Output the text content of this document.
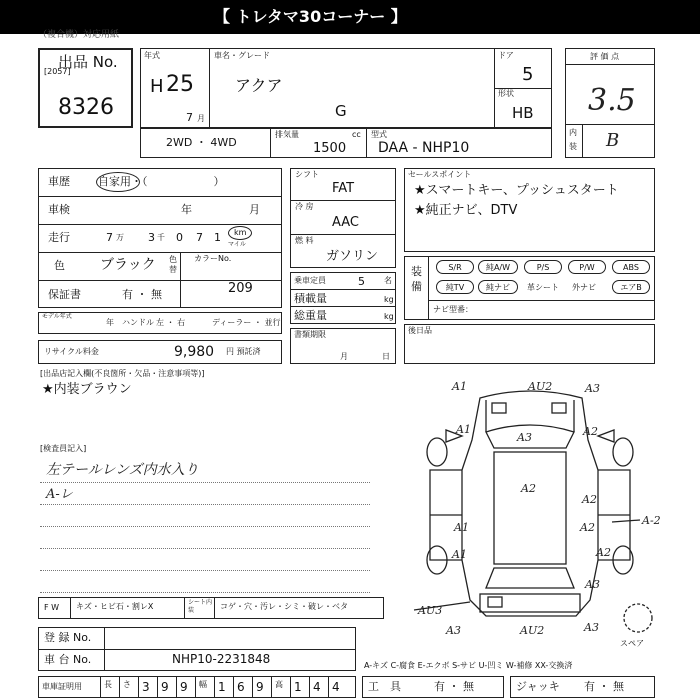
【 トレタマ30コーナー 】
（複合機）対応用紙
出品 No.
[2057]
8326
年式
H 25
7 月
車名・グレード
アクア
G
ドア
5
形状
HB
評 価 点
3.5
内
装 B
2WD ・ 4WD
排気量	cc
1500
型式
DAA - NHP10
車歴	自家用・（　　　　　　）
車検	年	月
走行	7 万 3 千 0 7 1 km
マイル
色	ブラック 色替
カラーNo.
209
保証書	有 ・ 無
モデル年式
年 ハンドル 左 ・ 右	ディーラー ・ 並行
リサイクル料金	9,980 円 預託済
シフト
FAT
冷 房
AAC
燃 料
ガソリン
乗車定員	5 名
積載量	kg
総重量	kg
書類期限
月	日
セールスポイント
★スマートキー、プッシュスタート
★純正ナビ、DTV
装備
S/R	純A/W	P/S	P/W	ABS
純TV	純ナビ	革シート 外ナビ	エアB
ナビ型番：
後日品
[出品店記入欄(不良箇所・欠品・注意事項等)]
★内装ブラウン
[検査員記入]
左テールレンズ内水入り
A-レ
F W キズ・ヒビ石・割レX	シート内 装	コゲ・穴・汚レ・シミ・破レ・ベタ
登 録 No.
車 台 No.	NHP10-2231848
車庫証明用	長 さ 3 9 9 幅 1 6 9 高 1 4 4	工　具	有 ・ 無	ジャッキ 有 ・ 無
A-キズ C-腐食 E-エクボ S-サビ U-凹ミ W-補修 XX-交換済
スペア
A1	AU2	A3
A1
A3	A2
A2
A2
A1	A2
A-2
A1	A2
A3
AU3
A3	AU2	A3
